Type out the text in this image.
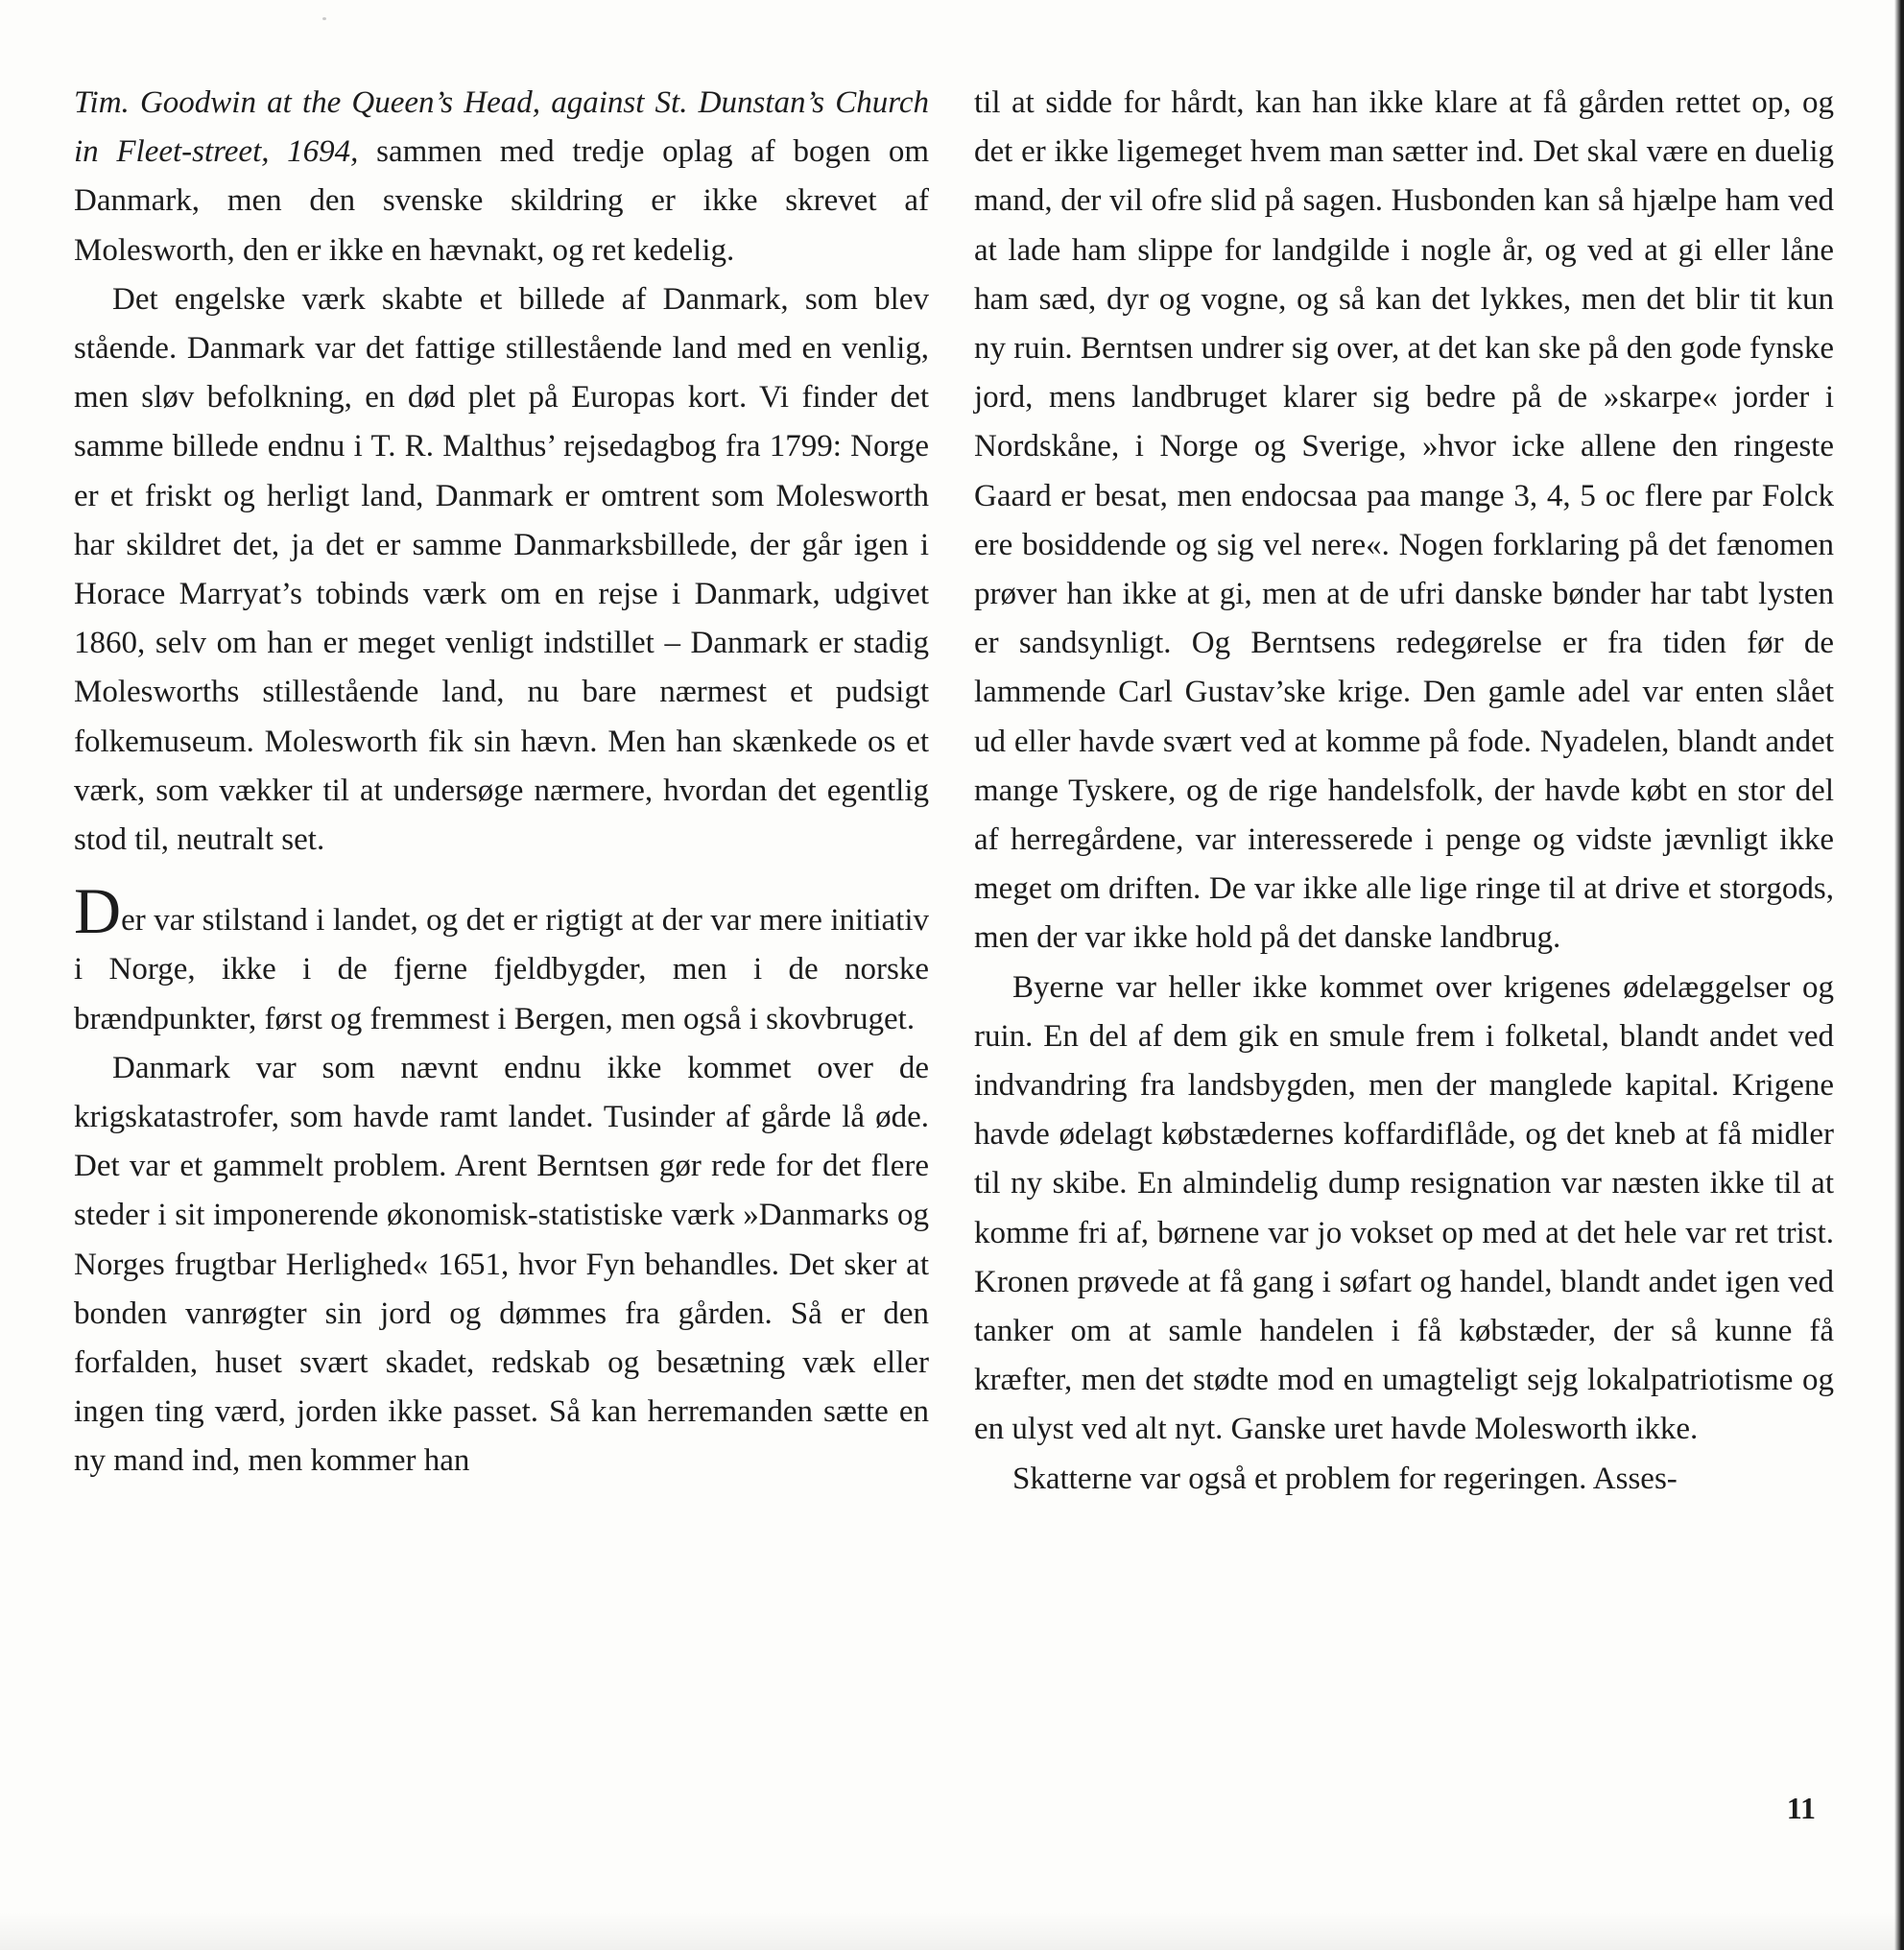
Tim. Goodwin at the Queen’s Head, against St. Dunstan’s Church in Fleet-street, 1694, sammen med tredje oplag af bogen om Danmark, men den svenske skildring er ikke skrevet af Molesworth, den er ikke en hævnakt, og ret kedelig.

Det engelske værk skabte et billede af Danmark, som blev stående. Danmark var det fattige stillestående land med en venlig, men sløv befolkning, en død plet på Europas kort. Vi finder det samme billede endnu i T. R. Malthus’ rejsedagbog fra 1799: Norge er et friskt og herligt land, Danmark er omtrent som Molesworth har skildret det, ja det er samme Danmarksbillede, der går igen i Horace Marryat’s tobinds værk om en rejse i Danmark, udgivet 1860, selv om han er meget venligt indstillet – Danmark er stadig Molesworths stillestående land, nu bare nærmest et pudsigt folkemuseum. Molesworth fik sin hævn. Men han skænkede os et værk, som vækker til at undersøge nærmere, hvordan det egentlig stod til, neutralt set.

Der var stilstand i landet, og det er rigtigt at der var mere initiativ i Norge, ikke i de fjerne fjeldbygder, men i de norske brændpunkter, først og fremmest i Bergen, men også i skovbruget.

Danmark var som nævnt endnu ikke kommet over de krigskatastrofer, som havde ramt landet. Tusinder af gårde lå øde. Det var et gammelt problem. Arent Berntsen gør rede for det flere steder i sit imponerende økonomisk-statistiske værk »Danmarks og Norges frugtbar Herlighed« 1651, hvor Fyn behandles. Det sker at bonden vanrøgter sin jord og dømmes fra gården. Så er den forfalden, huset svært skadet, redskab og besætning væk eller ingen ting værd, jorden ikke passet. Så kan herremanden sætte en ny mand ind, men kommer han

til at sidde for hårdt, kan han ikke klare at få gården rettet op, og det er ikke ligemeget hvem man sætter ind. Det skal være en duelig mand, der vil ofre slid på sagen. Husbonden kan så hjælpe ham ved at lade ham slippe for landgilde i nogle år, og ved at gi eller låne ham sæd, dyr og vogne, og så kan det lykkes, men det blir tit kun ny ruin. Berntsen undrer sig over, at det kan ske på den gode fynske jord, mens landbruget klarer sig bedre på de »skarpe« jorder i Nordskåne, i Norge og Sverige, »hvor icke allene den ringeste Gaard er besat, men endocsaa paa mange 3, 4, 5 oc flere par Folck ere bosiddende og sig vel nere«. Nogen forklaring på det fænomen prøver han ikke at gi, men at de ufri danske bønder har tabt lysten er sandsynligt. Og Berntsens redegørelse er fra tiden før de lammende Carl Gustav’ske krige. Den gamle adel var enten slået ud eller havde svært ved at komme på fode. Nyadelen, blandt andet mange Tyskere, og de rige handelsfolk, der havde købt en stor del af herregårdene, var interesserede i penge og vidste jævnligt ikke meget om driften. De var ikke alle lige ringe til at drive et storgods, men der var ikke hold på det danske landbrug.

Byerne var heller ikke kommet over krigenes ødelæggelser og ruin. En del af dem gik en smule frem i folketal, blandt andet ved indvandring fra landsbygden, men der manglede kapital. Krigene havde ødelagt købstædernes koffardiflåde, og det kneb at få midler til ny skibe. En almindelig dump resignation var næsten ikke til at komme fri af, børnene var jo vokset op med at det hele var ret trist. Kronen prøvede at få gang i søfart og handel, blandt andet igen ved tanker om at samle handelen i få købstæder, der så kunne få kræfter, men det stødte mod en umagteligt sejg lokalpatriotisme og en ulyst ved alt nyt. Ganske uret havde Molesworth ikke.

Skatterne var også et problem for regeringen. Asses-

11
